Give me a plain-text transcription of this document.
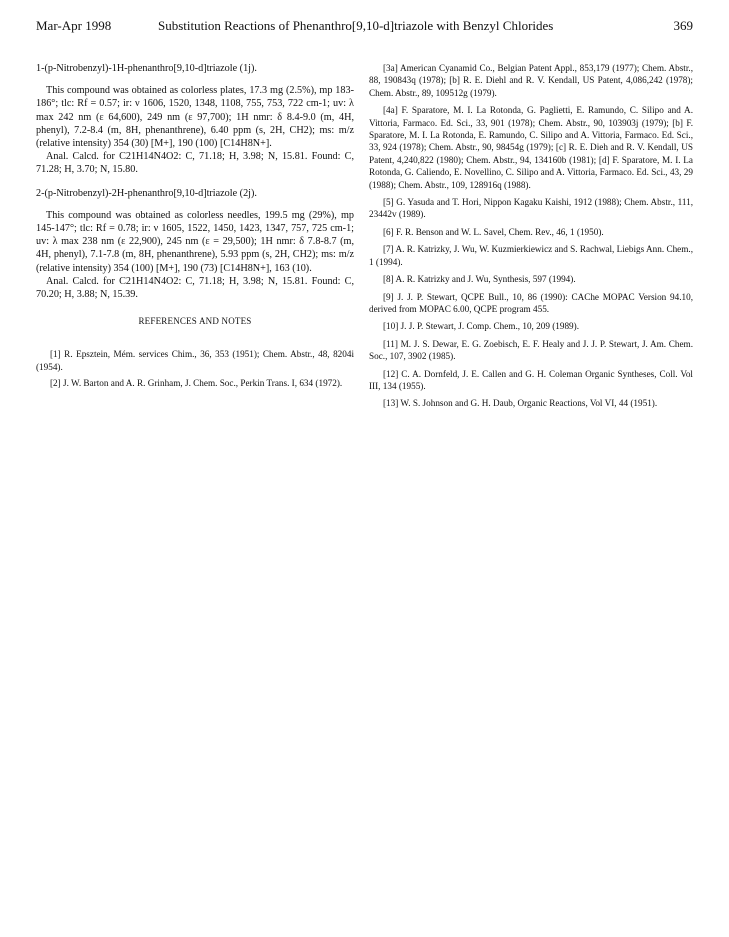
Mar-Apr 1998	Substitution Reactions of Phenanthro[9,10-d]triazole with Benzyl Chlorides	369

1-(p-Nitrobenzyl)-1H-phenanthro[9,10-d]triazole (1j).

This compound was obtained as colorless plates, 17.3 mg (2.5%), mp 183-186°; tlc: Rf = 0.57; ir: ν 1606, 1520, 1348, 1108, 755, 753, 722 cm-1; uv: λ max 242 nm (ε 64,600), 249 nm (ε 97,700); 1H nmr: δ 8.4-9.0 (m, 4H, phenyl), 7.2-8.4 (m, 8H, phenanthrene), 6.40 ppm (s, 2H, CH2); ms: m/z (relative intensity) 354 (30) [M+], 190 (100) [C14H8N+].

Anal. Calcd. for C21H14N4O2: C, 71.18; H, 3.98; N, 15.81. Found: C, 71.28; H, 3.70; N, 15.80.

2-(p-Nitrobenzyl)-2H-phenanthro[9,10-d]triazole (2j).

This compound was obtained as colorless needles, 199.5 mg (29%), mp 145-147°; tlc: Rf = 0.78; ir: ν 1605, 1522, 1450, 1423, 1347, 757, 725 cm-1; uv: λ max 238 nm (ε 22,900), 245 nm (ε = 29,500); 1H nmr: δ 7.8-8.7 (m, 4H, phenyl), 7.1-7.8 (m, 8H, phenanthrene), 5.93 ppm (s, 2H, CH2); ms: m/z (relative intensity) 354 (100) [M+], 190 (73) [C14H8N+], 163 (10).

Anal. Calcd. for C21H14N4O2: C, 71.18; H, 3.98; N, 15.81. Found: C, 70.20; H, 3.88; N, 15.39.

REFERENCES AND NOTES

[1] R. Epsztein, Mém. services Chim., 36, 353 (1951); Chem. Abstr., 48, 8204i (1954).

[2] J. W. Barton and A. R. Grinham, J. Chem. Soc., Perkin Trans. I, 634 (1972).

[3a] American Cyanamid Co., Belgian Patent Appl., 853,179 (1977); Chem. Abstr., 88, 190843q (1978); [b] R. E. Diehl and R. V. Kendall, US Patent, 4,086,242 (1978); Chem. Abstr., 89, 109512g (1979).

[4a] F. Sparatore, M. I. La Rotonda, G. Paglietti, E. Ramundo, C. Silipo and A. Vittoria, Farmaco. Ed. Sci., 33, 901 (1978); Chem. Abstr., 90, 103903j (1979); [b] F. Sparatore, M. I. La Rotonda, E. Ramundo, C. Silipo and A. Vittoria, Farmaco. Ed. Sci., 33, 924 (1978); Chem. Abstr., 90, 98454g (1979); [c] R. E. Dieh and R. V. Kendall, US Patent, 4,240,822 (1980); Chem. Abstr., 94, 134160b (1981); [d] F. Sparatore, M. I. La Rotonda, G. Caliendo, E. Novellino, C. Silipo and A. Vittoria, Farmaco. Ed. Sci., 43, 29 (1988); Chem. Abstr., 109, 128916q (1988).

[5] G. Yasuda and T. Hori, Nippon Kagaku Kaishi, 1912 (1988); Chem. Abstr., 111, 23442v (1989).

[6] F. R. Benson and W. L. Savel, Chem. Rev., 46, 1 (1950).

[7] A. R. Katrizky, J. Wu, W. Kuzmierkiewicz and S. Rachwal, Liebigs Ann. Chem., 1 (1994).

[8] A. R. Katrizky and J. Wu, Synthesis, 597 (1994).

[9] J. J. P. Stewart, QCPE Bull., 10, 86 (1990): CAChe MOPAC Version 94.10, derived from MOPAC 6.00, QCPE program 455.

[10] J. J. P. Stewart, J. Comp. Chem., 10, 209 (1989).

[11] M. J. S. Dewar, E. G. Zoebisch, E. F. Healy and J. J. P. Stewart, J. Am. Chem. Soc., 107, 3902 (1985).

[12] C. A. Dornfeld, J. E. Callen and G. H. Coleman Organic Syntheses, Coll. Vol III, 134 (1955).

[13] W. S. Johnson and G. H. Daub, Organic Reactions, Vol VI, 44 (1951).
